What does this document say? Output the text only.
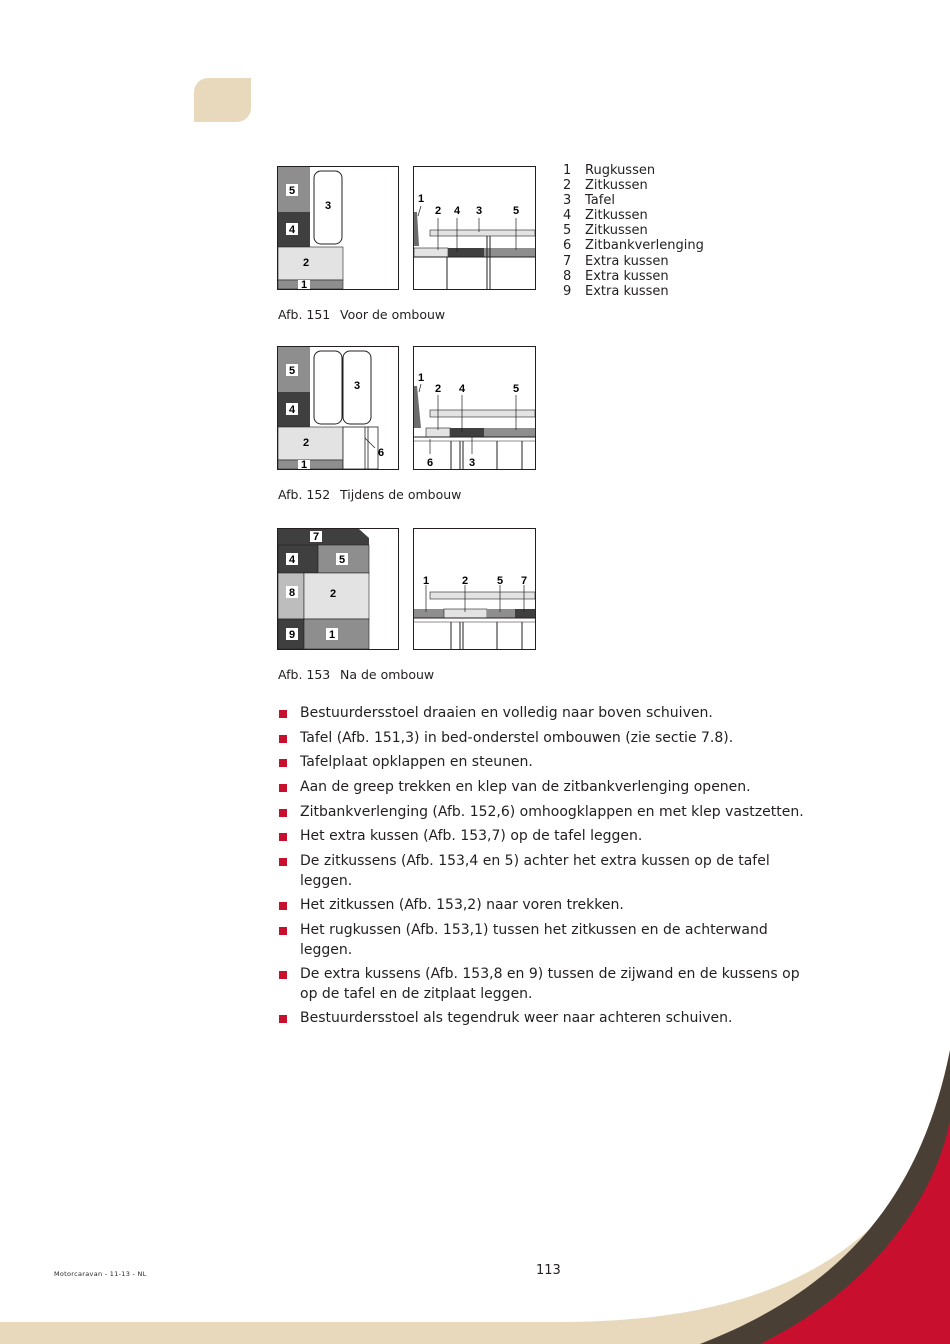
5
3
4
2
1
1
2 4 3	5
Afb. 151 Voor de ombouw
5
3
4
2
6
1
1
2 4	5
6	3
Afb. 152 Tijdens de ombouw
7
4	5
8	2
9	1
1	2	5 7
Afb. 153 Na de ombouw
1	Rugkussen
2	Zitkussen
3	Tafel
4	Zitkussen
5	Zitkussen
6	Zitbankverlenging
7	Extra kussen
8	Extra kussen
9	Extra kussen
Bestuurdersstoel draaien en volledig naar boven schuiven.
Tafel (Afb. 151,3) in bed-onderstel ombouwen (zie sectie 7.8).
Tafelplaat opklappen en steunen.
Aan de greep trekken en klep van de zitbankverlenging openen.
Zitbankverlenging (Afb. 152,6) omhoogklappen en met klep vastzetten.
Het extra kussen (Afb. 153,7) op de tafel leggen.
De zitkussens (Afb. 153,4 en 5) achter het extra kussen op de tafel leggen.
Het zitkussen (Afb. 153,2) naar voren trekken.
Het rugkussen (Afb. 153,1) tussen het zitkussen en de achterwand leggen.
De extra kussens (Afb. 153,8 en 9) tussen de zijwand en de kussens op op de tafel en de zitplaat leggen.
Bestuurdersstoel als tegendruk weer naar achteren schuiven.
Motorcaravan - 11-13 - NL	113
